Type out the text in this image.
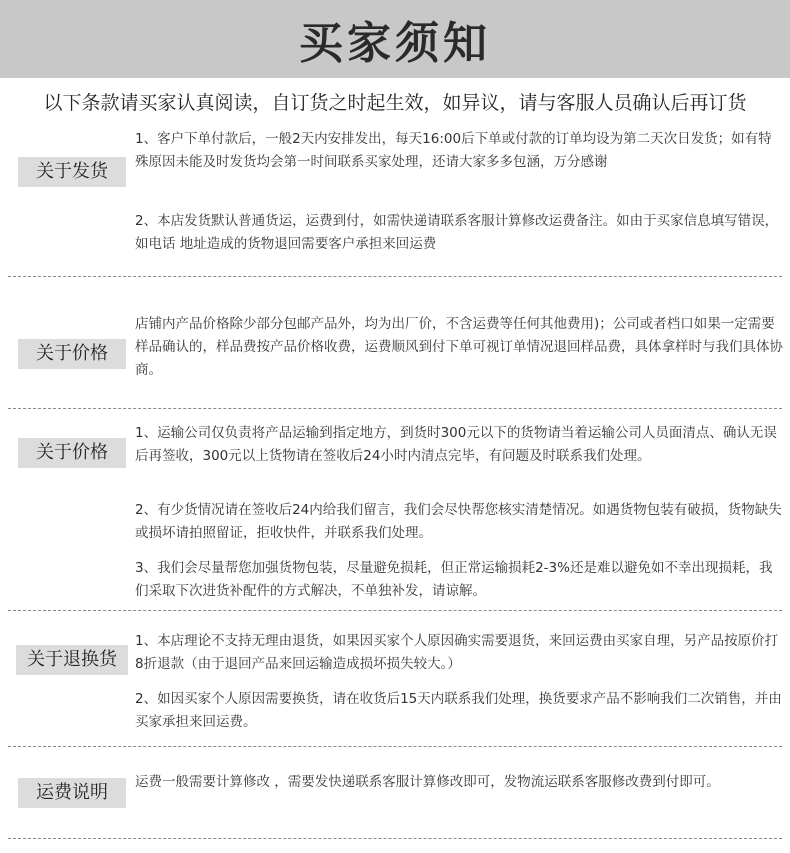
买家须知
以下条款请买家认真阅读，自订货之时起生效，如异议，请与客服人员确认后再订货
关于发货
1、客户下单付款后，一般2天内安排发出，每天16:00后下单或付款的订单均设为第二天次日发货；如有特殊原因未能及时发货均会第一时间联系买家处理，还请大家多多包涵，万分感谢
2、本店发货默认普通货运，运费到付，如需快递请联系客服计算修改运费备注。如由于买家信息填写错误，如电话 地址造成的货物退回需要客户承担来回运费
关于价格
店铺内产品价格除少部分包邮产品外，均为出厂价，不含运费等任何其他费用)；公司或者档口如果一定需要样品确认的，样品费按产品价格收费，运费顺风到付下单可视订单情况退回样品费，具体拿样时与我们具体协商。
关于价格
1、运输公司仅负责将产品运输到指定地方，到货时300元以下的货物请当着运输公司人员面清点、确认无误后再签收，300元以上货物请在签收后24小时内清点完毕，有问题及时联系我们处理。
2、有少货情况请在签收后24内给我们留言，我们会尽快帮您核实清楚情况。如遇货物包装有破损，货物缺失或损坏请拍照留证，拒收快件，并联系我们处理。
3、我们会尽量帮您加强货物包装，尽量避免损耗，但正常运输损耗2-3%还是难以避免如不幸出现损耗，我们采取下次进货补配件的方式解决，不单独补发，请谅解。
关于退换货
1、本店理论不支持无理由退货，如果因买家个人原因确实需要退货，来回运费由买家自理，另产品按原价打8折退款（由于退回产品来回运输造成损坏损失较大。）
2、如因买家个人原因需要换货，请在收货后15天内联系我们处理，换货要求产品不影响我们二次销售，并由买家承担来回运费。
运费说明	运费一般需要计算修改 ，需要发快递联系客服计算修改即可，发物流运联系客服修改费到付即可。
